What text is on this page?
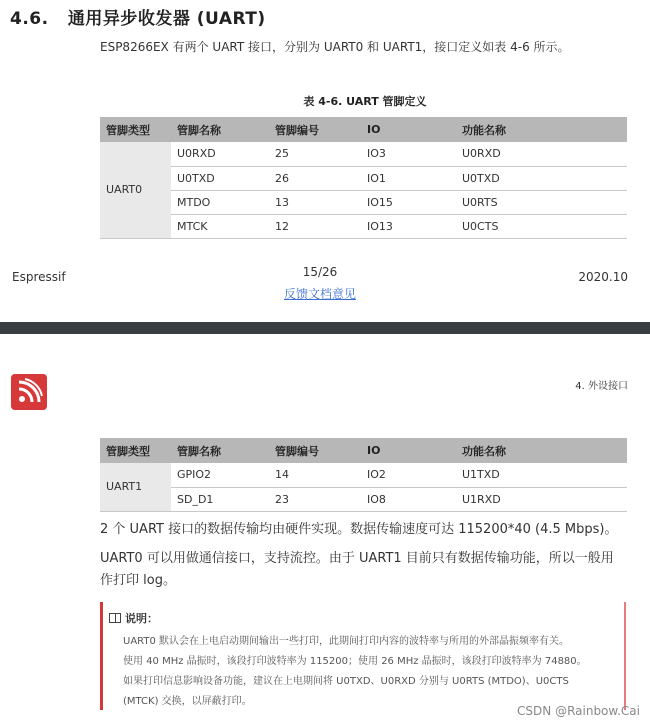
4.6. 通用异步收发器 (UART)
ESP8266EX 有两个 UART 接口，分别为 UART0 和 UART1，接口定义如表 4-6 所示。
表 4-6. UART 管脚定义
管脚类型	管脚名称	管脚编号	IO	功能名称
UART0	U0RXD	25	IO3	U0RXD
	U0TXD	26	IO1	U0TXD
	MTDO	13	IO15	U0RTS
	MTCK	12	IO13	U0CTS
Espressif	15/26
反馈文档意见
2020.10
4. 外设接口
管脚类型	管脚名称	管脚编号	IO	功能名称
UART1	GPIO2	14	IO2	U1TXD
	SD_D1	23	IO8	U1RXD
2 个 UART 接口的数据传输均由硬件实现。数据传输速度可达 115200*40 (4.5 Mbps)。
UART0 可以用做通信接口，支持流控。由于 UART1 目前只有数据传输功能，所以一般用
作打印 log。
说明：
UART0 默认会在上电启动期间输出一些打印，此期间打印内容的波特率与所用的外部晶振频率有关。
使用 40 MHz 晶振时，该段打印波特率为 115200；使用 26 MHz 晶振时，该段打印波特率为 74880。
如果打印信息影响设备功能，建议在上电期间将 U0TXD、U0RXD 分别与 U0RTS (MTDO)、U0CTS
(MTCK) 交换，以屏蔽打印。
CSDN @Rainbow.Cai
